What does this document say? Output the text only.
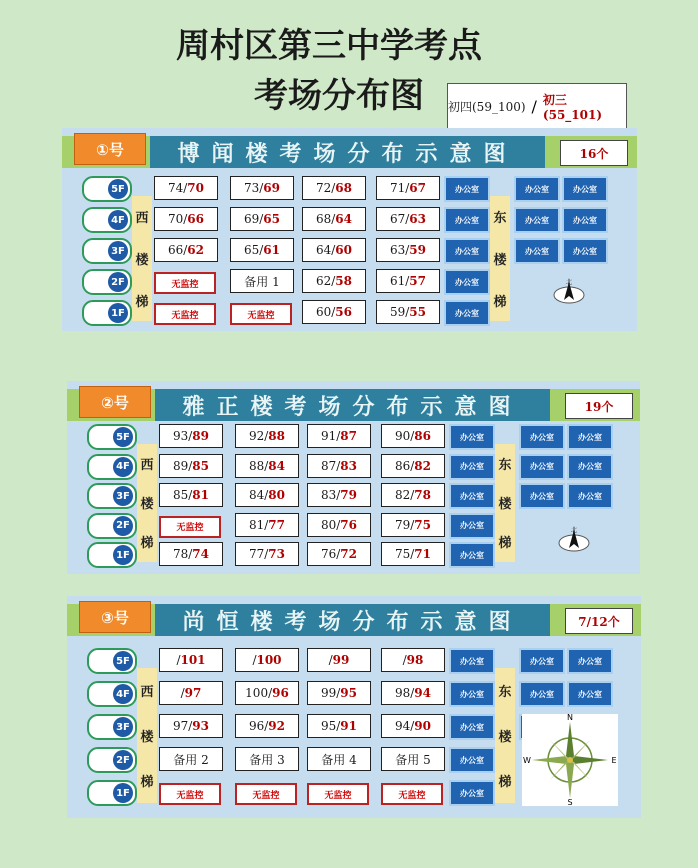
周村区第三中学考点
考场分布图	初四(59_100) / 初三(55_101)
①号	博闻楼考场分布示意图	16个
西
楼
梯
东
楼
梯
5F	74/ 70	73/ 69	72/ 68	71/ 67	办公室	办公室	办公室
4F	70/ 66	69/ 65	68/ 64	67/ 63	办公室	办公室	办公室
3F	66/ 62	65/ 61	64/ 60	63/ 59	办公室	办公室	办公室
2F	无监控	备用 1	62/ 58	61/ 57	办公室
1F	无监控	无监控	60/ 56	59/ 55	办公室
北
②号	雅正楼考场分布示意图	19个
西
楼
梯
东
楼
梯
5F	93/ 89	92/ 88	91/ 87	90/ 86	办公室	办公室	办公室
4F	89/ 85	88/ 84	87/ 83	86/ 82	办公室	办公室	办公室
3F	85/ 81	84/ 80	83/ 79	82/ 78	办公室	办公室	办公室
2F	无监控	81/ 77	80/ 76	79/ 75	办公室
1F	78/ 74	77/ 73	76/ 72	75/ 71	办公室
北
③号	尚恒楼考场分布示意图	7/12个
西
楼
梯
东
楼
梯
5F	/ 101	/ 100	/ 99	/ 98	办公室	办公室	办公室
4F	/ 97	100/ 96	99/ 95	98/ 94	办公室	办公室	办公室
3F	97/ 93	96/ 92	95/ 91	94/ 90	办公室
2F	备用 2	备用 3	备用 4	备用 5	办公室
1F	无监控	无监控	无监控	无监控	办公室
N
E
S
W
